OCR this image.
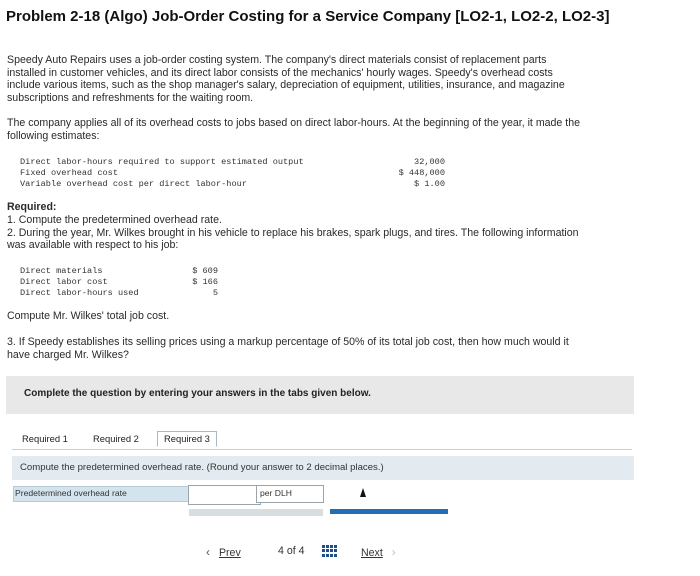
Problem 2-18 (Algo) Job-Order Costing for a Service Company [LO2-1, LO2-2, LO2-3]
Speedy Auto Repairs uses a job-order costing system. The company's direct materials consist of replacement parts
installed in customer vehicles, and its direct labor consists of the mechanics' hourly wages. Speedy's overhead costs
include various items, such as the shop manager's salary, depreciation of equipment, utilities, insurance, and magazine
subscriptions and refreshments for the waiting room.
The company applies all of its overhead costs to jobs based on direct labor-hours. At the beginning of the year, it made the
following estimates:
Direct labor-hours required to support estimated output	32,000
Fixed overhead cost	$ 448,000
Variable overhead cost per direct labor-hour	$ 1.00
Required:
1. Compute the predetermined overhead rate.
2. During the year, Mr. Wilkes brought in his vehicle to replace his brakes, spark plugs, and tires. The following information
was available with respect to his job:
Direct materials	$ 609
Direct labor cost	$ 166
Direct labor-hours used	5
Compute Mr. Wilkes' total job cost.
3. If Speedy establishes its selling prices using a markup percentage of 50% of its total job cost, then how much would it
have charged Mr. Wilkes?
Complete the question by entering your answers in the tabs given below.
Required 1	Required 2	Required 3
Compute the predetermined overhead rate. (Round your answer to 2 decimal places.)
Predetermined overhead rate	per DLH
‹ Prev	4 of 4	Next ›
